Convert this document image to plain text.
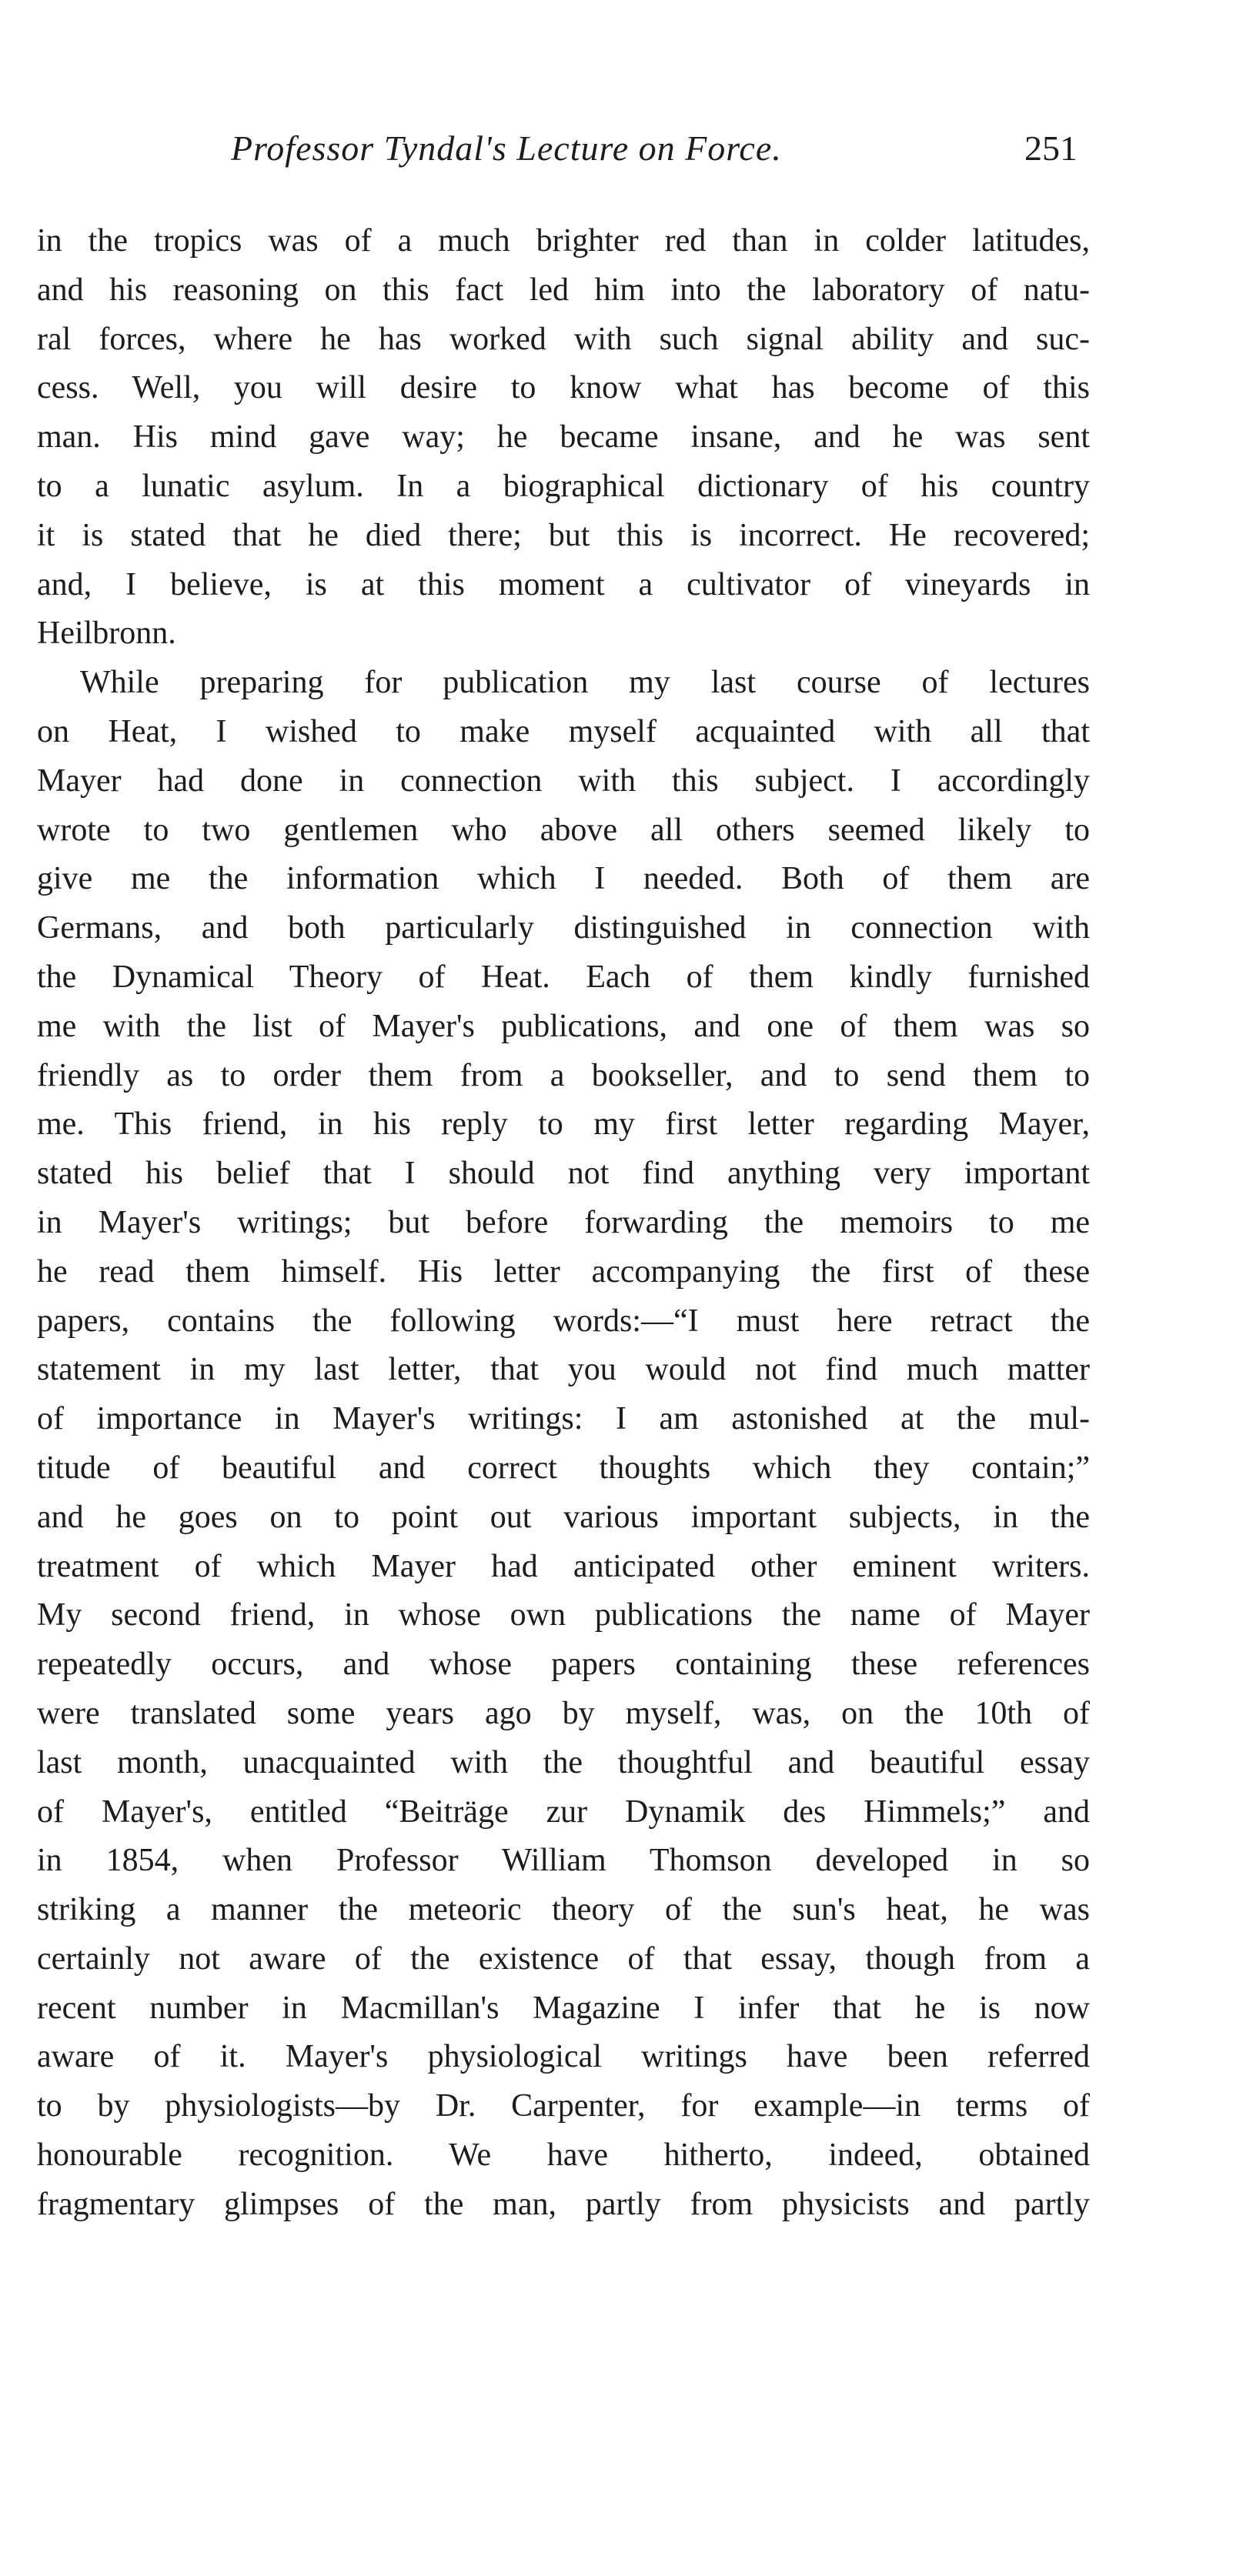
Professor Tyndal's Lecture on Force.	251
in the tropics was of a much brighter red than in colder latitudes,
and his reasoning on this fact led him into the laboratory of natu-
ral forces, where he has worked with such signal ability and suc-
cess. Well, you will desire to know what has become of this
man. His mind gave way; he became insane, and he was sent
to a lunatic asylum. In a biographical dictionary of his country
it is stated that he died there; but this is incorrect. He recovered;
and, I believe, is at this moment a cultivator of vineyards in
Heilbronn.
While preparing for publication my last course of lectures
on Heat, I wished to make myself acquainted with all that
Mayer had done in connection with this subject. I accordingly
wrote to two gentlemen who above all others seemed likely to
give me the information which I needed. Both of them are
Germans, and both particularly distinguished in connection with
the Dynamical Theory of Heat. Each of them kindly furnished
me with the list of Mayer's publications, and one of them was so
friendly as to order them from a bookseller, and to send them to
me. This friend, in his reply to my first letter regarding Mayer,
stated his belief that I should not find anything very important
in Mayer's writings; but before forwarding the memoirs to me
he read them himself. His letter accompanying the first of these
papers, contains the following words:—“I must here retract the
statement in my last letter, that you would not find much matter
of importance in Mayer's writings: I am astonished at the mul-
titude of beautiful and correct thoughts which they contain;”
and he goes on to point out various important subjects, in the
treatment of which Mayer had anticipated other eminent writers.
My second friend, in whose own publications the name of Mayer
repeatedly occurs, and whose papers containing these references
were translated some years ago by myself, was, on the 10th of
last month, unacquainted with the thoughtful and beautiful essay
of Mayer's, entitled “Beiträge zur Dynamik des Himmels;” and
in 1854, when Professor William Thomson developed in so
striking a manner the meteoric theory of the sun's heat, he was
certainly not aware of the existence of that essay, though from a
recent number in Macmillan's Magazine I infer that he is now
aware of it. Mayer's physiological writings have been referred
to by physiologists—by Dr. Carpenter, for example—in terms of
honourable recognition. We have hitherto, indeed, obtained
fragmentary glimpses of the man, partly from physicists and partly
